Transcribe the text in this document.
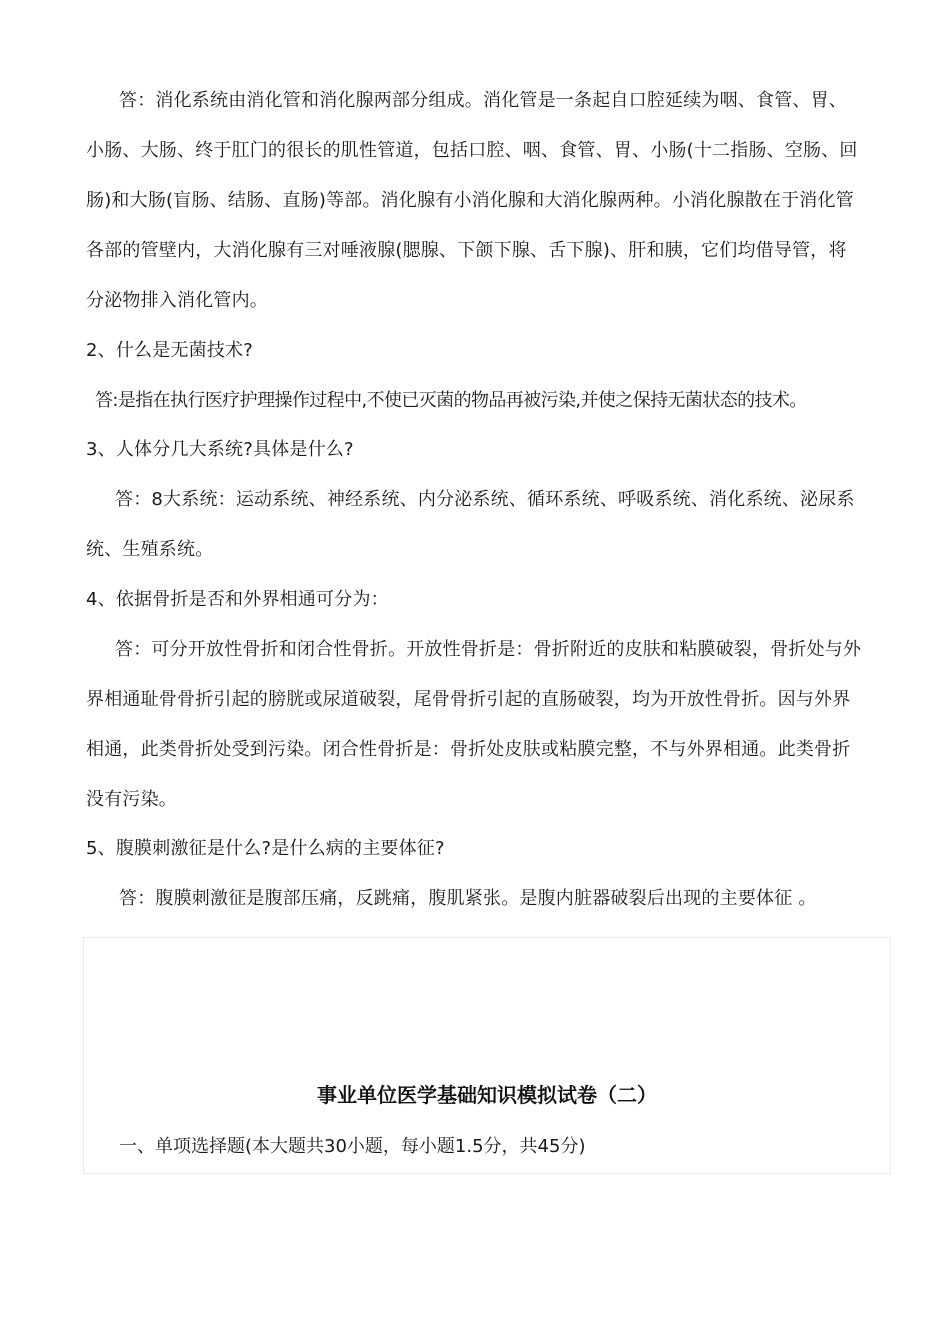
答：消化系统由消化管和消化腺两部分组成。消化管是一条起自口腔延续为咽、食管、胃、
小肠、大肠、终于肛门的很长的肌性管道，包括口腔、咽、食管、胃、小肠(十二指肠、空肠、回
肠)和大肠(盲肠、结肠、直肠)等部。消化腺有小消化腺和大消化腺两种。小消化腺散在于消化管
各部的管壁内，大消化腺有三对唾液腺(腮腺、下颌下腺、舌下腺)、肝和胰，它们均借导管，将
分泌物排入消化管内。
2、什么是无菌技术?
答:是指在执行医疗护理操作过程中,不使已灭菌的物品再被污染,并使之保持无菌状态的技术。
3、人体分几大系统?具体是什么?
答：8大系统：运动系统、神经系统、内分泌系统、循环系统、呼吸系统、消化系统、泌尿系
统、生殖系统。
4、依据骨折是否和外界相通可分为：
答：可分开放性骨折和闭合性骨折。开放性骨折是：骨折附近的皮肤和粘膜破裂，骨折处与外
界相通耻骨骨折引起的膀胱或尿道破裂，尾骨骨折引起的直肠破裂，均为开放性骨折。因与外界
相通，此类骨折处受到污染。闭合性骨折是：骨折处皮肤或粘膜完整，不与外界相通。此类骨折
没有污染。
5、腹膜刺激征是什么?是什么病的主要体征?
答：腹膜刺激征是腹部压痛，反跳痛，腹肌紧张。是腹内脏器破裂后出现的主要体征 。
事业单位医学基础知识模拟试卷（二）
一、单项选择题(本大题共30小题，每小题1.5分，共45分)
